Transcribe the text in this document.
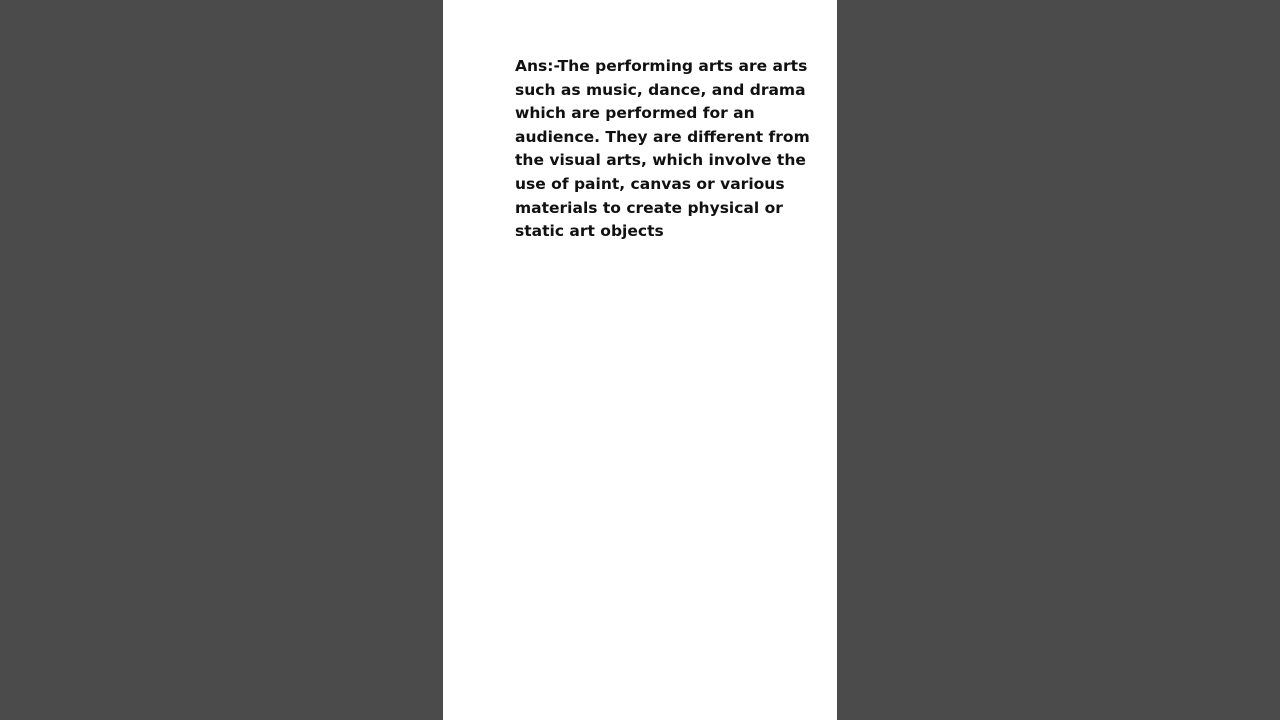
Ans:-The performing arts are arts
such as music, dance, and drama
which are performed for an
audience. They are different from
the visual arts, which involve the
use of paint, canvas or various
materials to create physical or
static art objects
